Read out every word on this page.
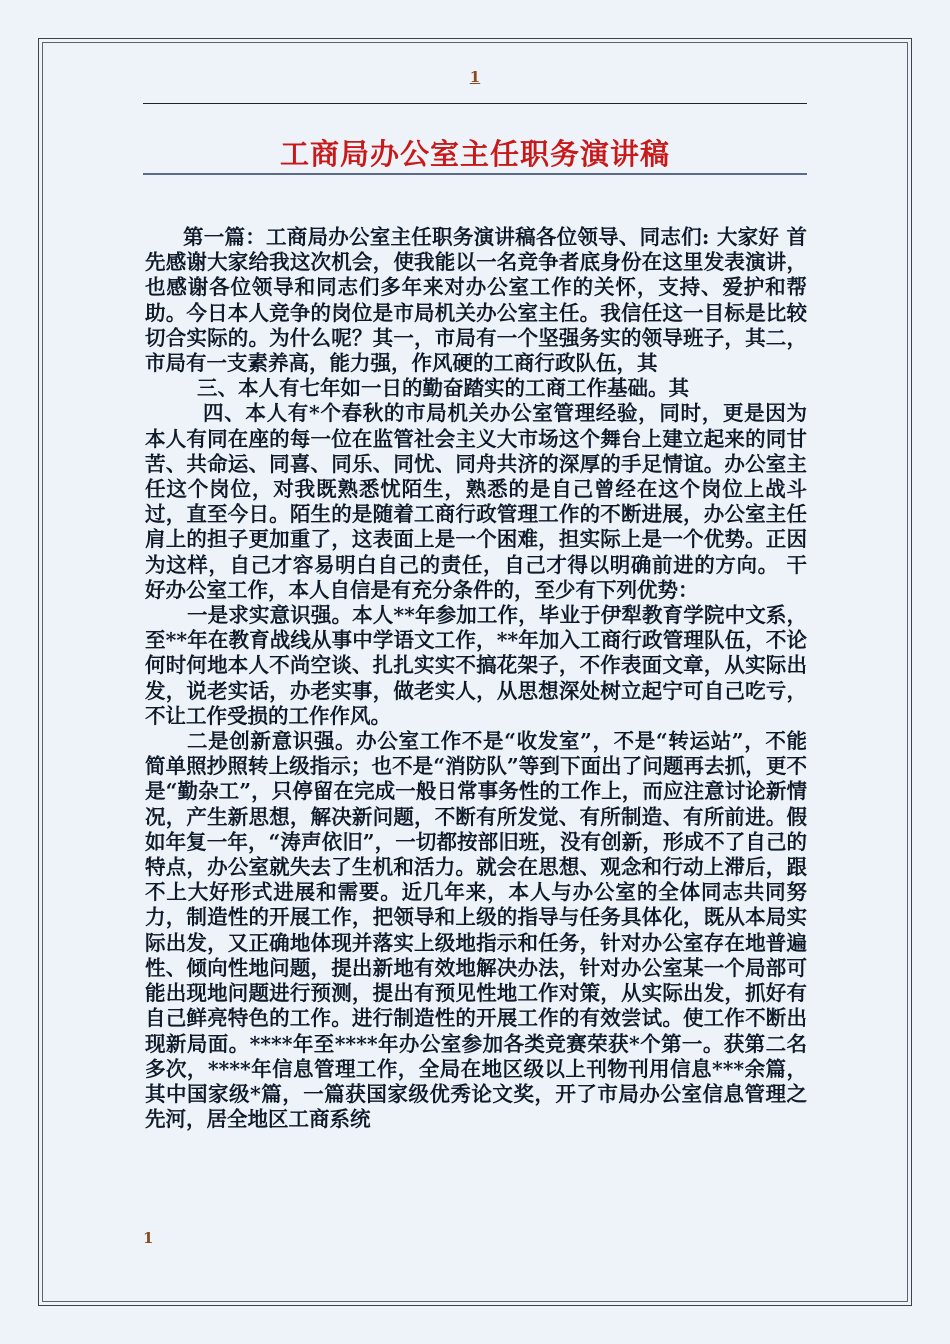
1
工商局办公室主任职务演讲稿

第一篇：工商局办公室主任职务演讲稿各位领导、同志们: 大家好 首先感谢大家给我这次机会，使我能以一名竞争者底身份在这里发表演讲，也感谢各位领导和同志们多年来对办公室工作的关怀，支持、爱护和帮助。今日本人竞争的岗位是市局机关办公室主任。我信任这一目标是比较切合实际的。为什么呢？其一，市局有一个坚强务实的领导班子，其二，市局有一支素养高，能力强，作风硬的工商行政队伍，其

三、本人有七年如一日的勤奋踏实的工商工作基础。其

四、本人有*个春秋的市局机关办公室管理经验，同时，更是因为本人有同在座的每一位在监管社会主义大市场这个舞台上建立起来的同甘苦、共命运、同喜、同乐、同忧、同舟共济的深厚的手足情谊。办公室主任这个岗位，对我既熟悉忧陌生，熟悉的是自己曾经在这个岗位上战斗过，直至今日。陌生的是随着工商行政管理工作的不断进展，办公室主任肩上的担子更加重了，这表面上是一个困难，担实际上是一个优势。正因为这样，自己才容易明白自己的责任，自己才得以明确前进的方向。 干好办公室工作，本人自信是有充分条件的，至少有下列优势：

一是求实意识强。本人**年参加工作，毕业于伊犁教育学院中文系，至**年在教育战线从事中学语文工作，**年加入工商行政管理队伍，不论何时何地本人不尚空谈、扎扎实实不搞花架子，不作表面文章，从实际出发，说老实话，办老实事，做老实人，从思想深处树立起宁可自己吃亏，不让工作受损的工作作风。

二是创新意识强。办公室工作不是“收发室”，不是“转运站”，不能简单照抄照转上级指示；也不是“消防队”等到下面出了问题再去抓，更不是“勤杂工”，只停留在完成一般日常事务性的工作上，而应注意讨论新情况，产生新思想，解决新问题，不断有所发觉、有所制造、有所前进。假如年复一年，“涛声依旧”，一切都按部旧班，没有创新，形成不了自己的特点，办公室就失去了生机和活力。就会在思想、观念和行动上滞后，跟不上大好形式进展和需要。近几年来，本人与办公室的全体同志共同努力，制造性的开展工作，把领导和上级的指导与任务具体化，既从本局实际出发，又正确地体现并落实上级地指示和任务，针对办公室存在地普遍性、倾向性地问题，提出新地有效地解决办法，针对办公室某一个局部可能出现地问题进行预测，提出有预见性地工作对策，从实际出发，抓好有自己鲜亮特色的工作。进行制造性的开展工作的有效尝试。使工作不断出现新局面。****年至****年办公室参加各类竞赛荣获*个第一。获第二名多次，****年信息管理工作，全局在地区级以上刊物刊用信息***余篇，其中国家级*篇，一篇获国家级优秀论文奖，开了市局办公室信息管理之先河，居全地区工商系统

1
